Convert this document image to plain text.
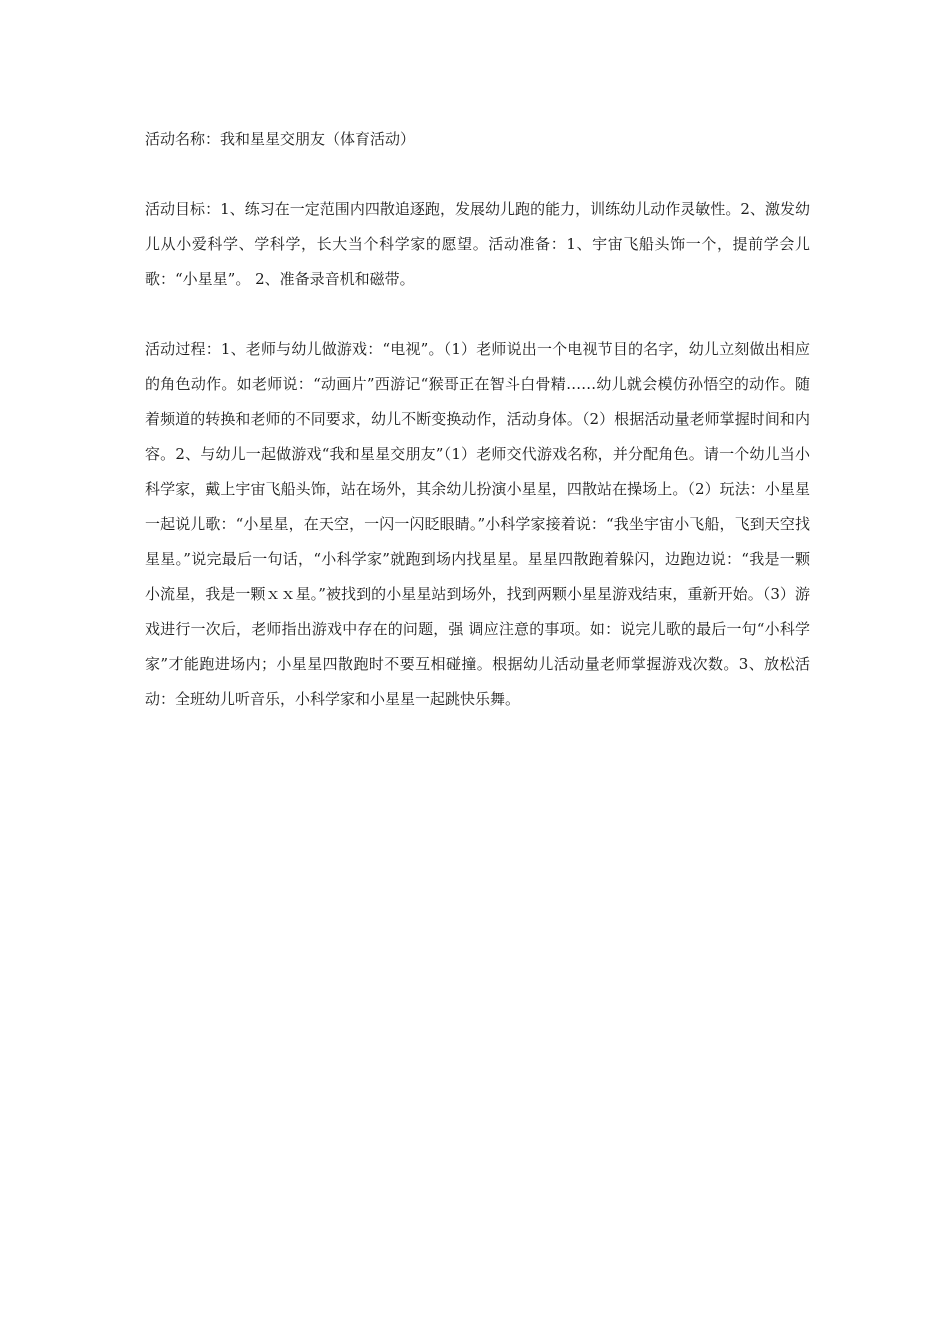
活动名称：我和星星交朋友（体育活动）

活动目标：1、练习在一定范围内四散追逐跑，发展幼儿跑的能力，训练幼儿动作灵敏性。2、激发幼儿从小爱科学、学科学，长大当个科学家的愿望。活动准备：1、宇宙飞船头饰一个，提前学会儿歌：“小星星”。 2、准备录音机和磁带。

活动过程：1、老师与幼儿做游戏：“电视”。（1）老师说出一个电视节目的名字，幼儿立刻做出相应的角色动作。如老师说：“动画片”西游记“猴哥正在智斗白骨精……幼儿就会模仿孙悟空的动作。随着频道的转换和老师的不同要求，幼儿不断变换动作，活动身体。（2）根据活动量老师掌握时间和内容。2、与幼儿一起做游戏“我和星星交朋友”（1）老师交代游戏名称，并分配角色。请一个幼儿当小科学家，戴上宇宙飞船头饰，站在场外，其余幼儿扮演小星星，四散站在操场上。（2）玩法：小星星一起说儿歌：“小星星，在天空，一闪一闪眨眼睛。”小科学家接着说：“我坐宇宙小飞船，飞到天空找星星。”说完最后一句话，“小科学家”就跑到场内找星星。星星四散跑着躲闪，边跑边说：“我是一颗小流星，我是一颗ｘｘ星。”被找到的小星星站到场外，找到两颗小星星游戏结束，重新开始。（3）游戏进行一次后，老师指出游戏中存在的问题，强 调应注意的事项。如：说完儿歌的最后一句“小科学家”才能跑进场内；小星星四散跑时不要互相碰撞。根据幼儿活动量老师掌握游戏次数。3、放松活动：全班幼儿听音乐，小科学家和小星星一起跳快乐舞。
